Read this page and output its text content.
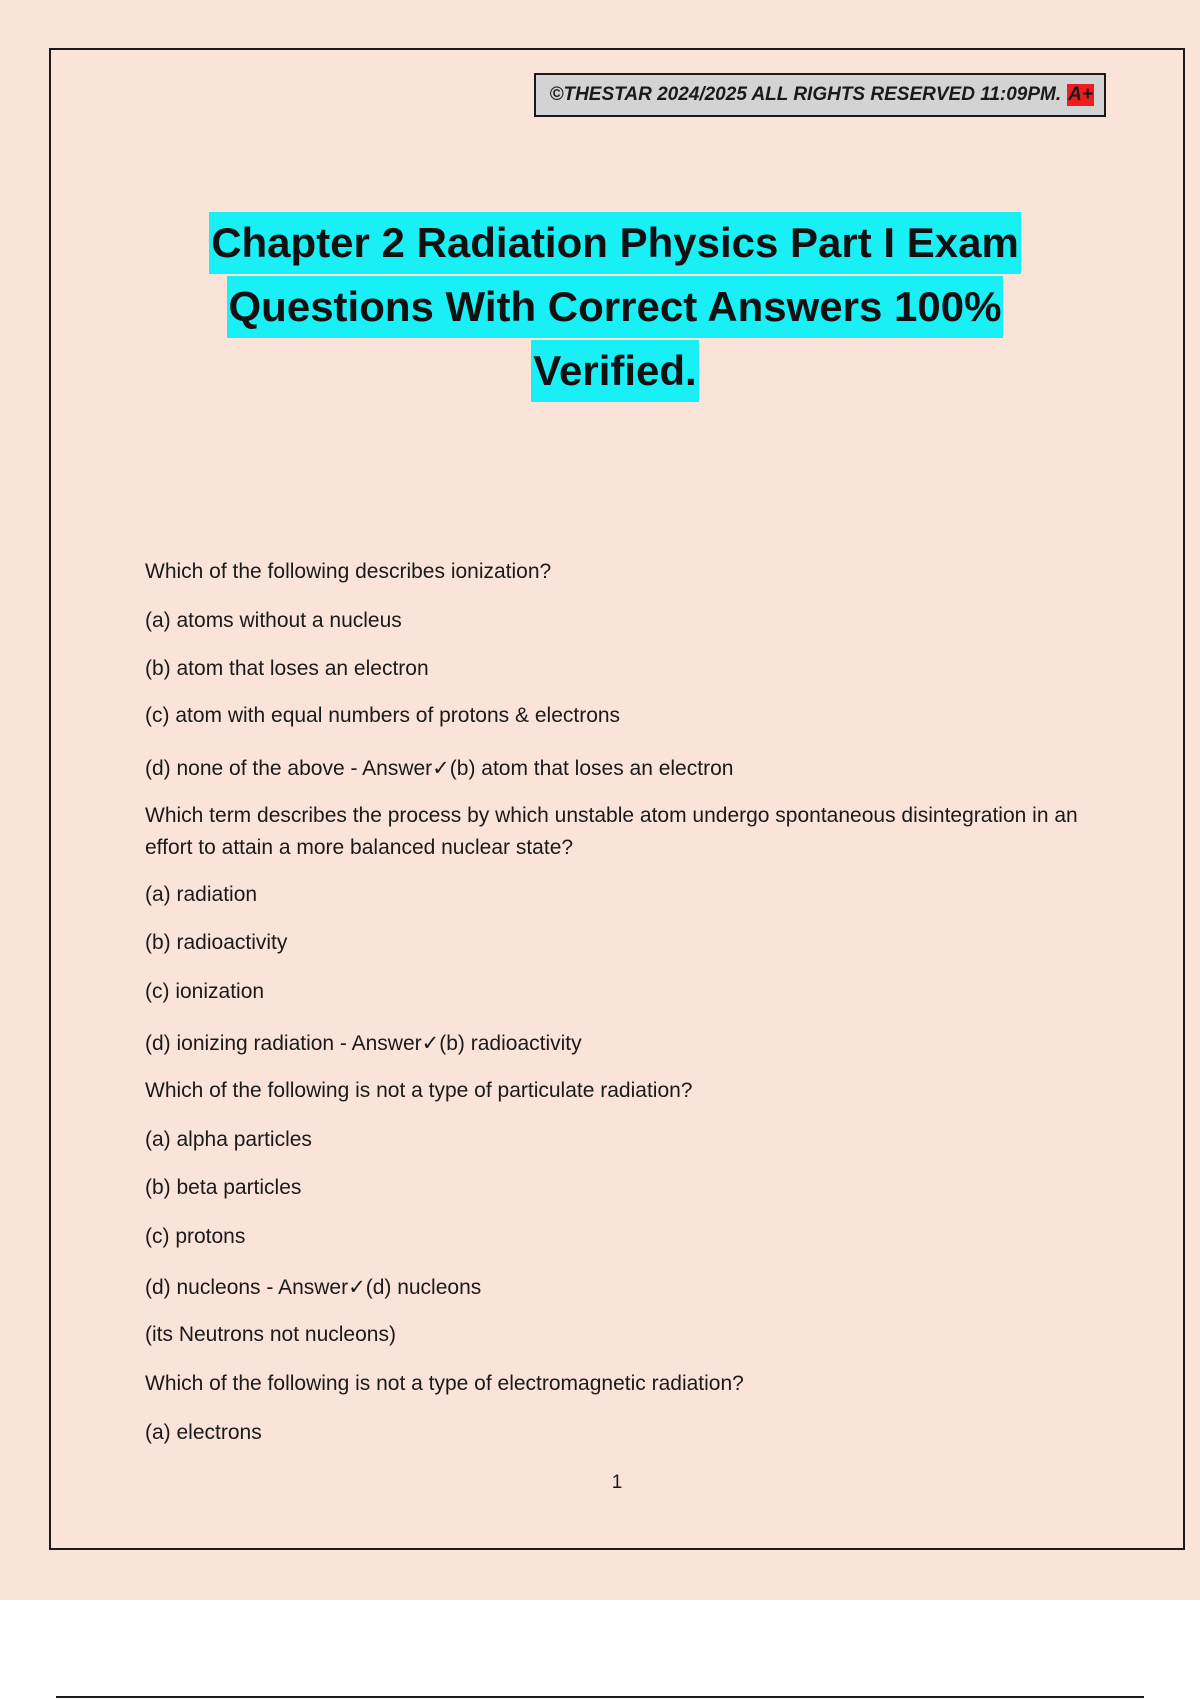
©THESTAR 2024/2025 ALL RIGHTS RESERVED 11:09PM. A+
Chapter 2 Radiation Physics Part I Exam
Questions With Correct Answers 100%
Verified.
Which of the following describes ionization?
(a) atoms without a nucleus
(b) atom that loses an electron
(c) atom with equal numbers of protons & electrons
(d) none of the above - Answer✓(b) atom that loses an electron
Which term describes the process by which unstable atom undergo spontaneous disintegration in an effort to attain a more balanced nuclear state?
(a) radiation
(b) radioactivity
(c) ionization
(d) ionizing radiation - Answer✓(b) radioactivity
Which of the following is not a type of particulate radiation?
(a) alpha particles
(b) beta particles
(c) protons
(d) nucleons - Answer✓(d) nucleons
(its Neutrons not nucleons)
Which of the following is not a type of electromagnetic radiation?
(a) electrons
1
